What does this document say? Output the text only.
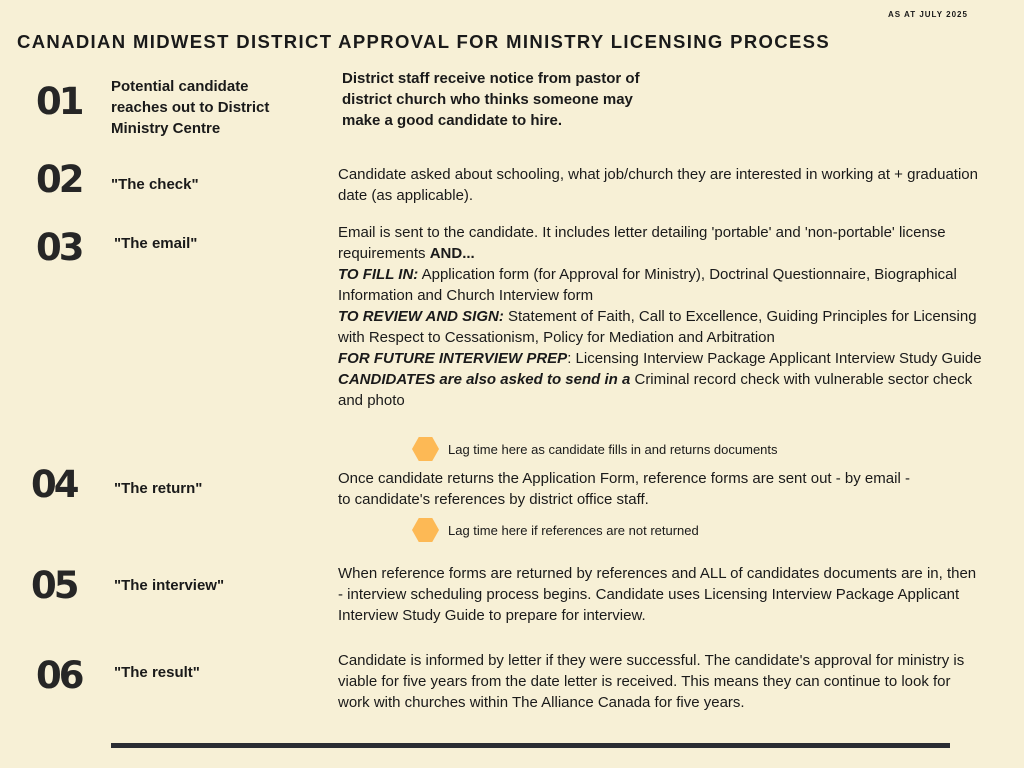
AS AT JULY 2025
CANADIAN MIDWEST DISTRICT APPROVAL FOR MINISTRY LICENSING PROCESS
01 Potential candidate reaches out to District Ministry Centre
District staff receive notice from pastor of district church who thinks someone may make a good candidate to hire.
02 "The check"
Candidate asked about schooling, what job/church they are interested in working at + graduation date (as applicable).
03 "The email"
Email is sent to the candidate. It includes letter detailing 'portable' and 'non-portable' license requirements AND...
TO FILL IN: Application form (for Approval for Ministry), Doctrinal Questionnaire, Biographical Information and Church Interview form
TO REVIEW AND SIGN: Statement of Faith, Call to Excellence, Guiding Principles for Licensing with Respect to Cessationism, Policy for Mediation and Arbitration
FOR FUTURE INTERVIEW PREP: Licensing Interview Package Applicant Interview Study Guide
CANDIDATES are also asked to send in a Criminal record check with vulnerable sector check and photo
Lag time here as candidate fills in and returns documents
04	"The return"
Once candidate returns the Application Form, reference forms are sent out - by email - to candidate's references by district office staff.
Lag time here if references are not returned
05	"The interview"
When reference forms are returned by references and ALL of candidates documents are in, then - interview scheduling process begins. Candidate uses Licensing Interview Package Applicant Interview Study Guide to prepare for interview.
06 "The result"
Candidate is informed by letter if they were successful. The candidate's approval for ministry is viable for five years from the date letter is received. This means they can continue to look for work with churches within The Alliance Canada for five years.
